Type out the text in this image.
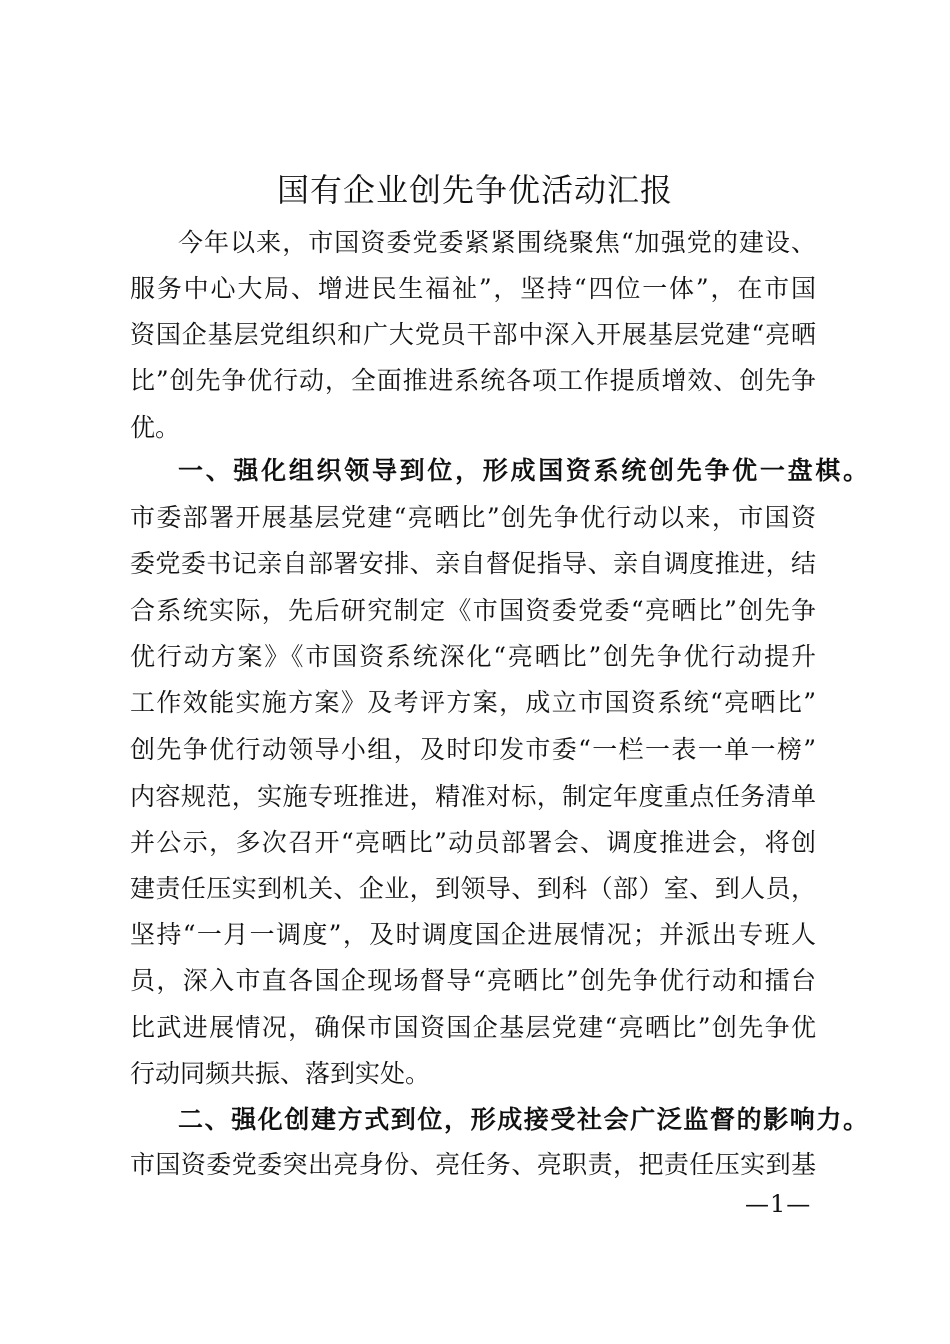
国有企业创先争优活动汇报
今年以来，市国资委党委紧紧围绕聚焦“加强党的建设、
服务中心大局、增进民生福祉”，坚持“四位一体”，在市国
资国企基层党组织和广大党员干部中深入开展基层党建“亮晒
比”创先争优行动，全面推进系统各项工作提质增效、创先争
优。
一、强化组织领导到位，形成国资系统创先争优一盘棋。
市委部署开展基层党建“亮晒比”创先争优行动以来，市国资
委党委书记亲自部署安排、亲自督促指导、亲自调度推进，结
合系统实际，先后研究制定《市国资委党委“亮晒比”创先争
优行动方案》《市国资系统深化“亮晒比”创先争优行动提升
工作效能实施方案》及考评方案，成立市国资系统“亮晒比”
创先争优行动领导小组，及时印发市委“一栏一表一单一榜”
内容规范，实施专班推进，精准对标，制定年度重点任务清单
并公示，多次召开“亮晒比”动员部署会、调度推进会，将创
建责任压实到机关、企业，到领导、到科（部）室、到人员，
坚持“一月一调度”，及时调度国企进展情况；并派出专班人
员，深入市直各国企现场督导“亮晒比”创先争优行动和擂台
比武进展情况，确保市国资国企基层党建“亮晒比”创先争优
行动同频共振、落到实处。
二、强化创建方式到位，形成接受社会广泛监督的影响力。
市国资委党委突出亮身份、亮任务、亮职责，把责任压实到基
—1—
